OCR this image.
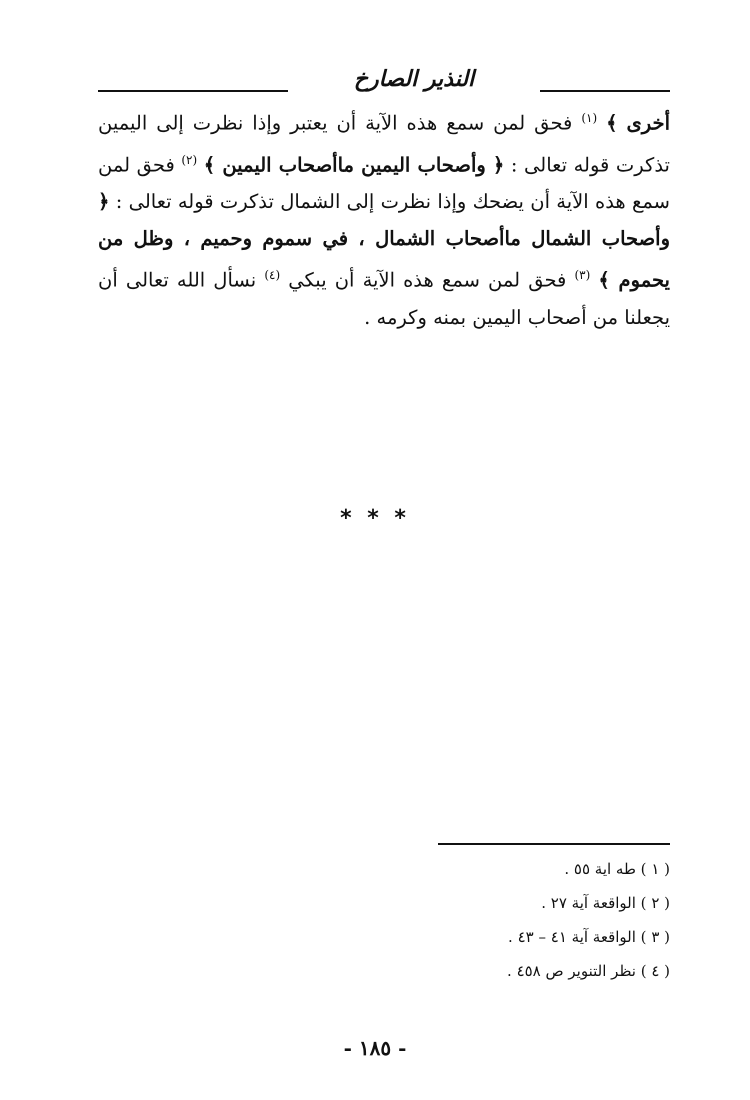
النذير الصارخ
أخرى ﴾ $^{(١)}$ فحق لمن سمع هذه الآية أن يعتبر وإذا نظرت إلى اليمين تذكرت قوله تعالى : ﴿ وأصحاب اليمين ماأصحاب اليمين ﴾ $^{(٢)}$ فحق لمن سمع هذه الآية أن يضحك وإذا نظرت إلى الشمال تذكرت قوله تعالى : ﴿ وأصحاب الشمال ماأصحاب الشمال ، في سموم وحميم ، وظل من يحموم ﴾ $^{(٣)}$ فحق لمن سمع هذه الآية أن يبكي $^{(٤)}$ نسأل الله تعالى أن يجعلنا من أصحاب اليمين بمنه وكرمه .
* * *
( ١ ) طه اية ٥٥ .
( ٢ ) الواقعة آية ٢٧ .
( ٣ ) الواقعة آية ٤١ – ٤٣ .
( ٤ ) نظر التنوير ص ٤٥٨ .
- ١٨٥ -
